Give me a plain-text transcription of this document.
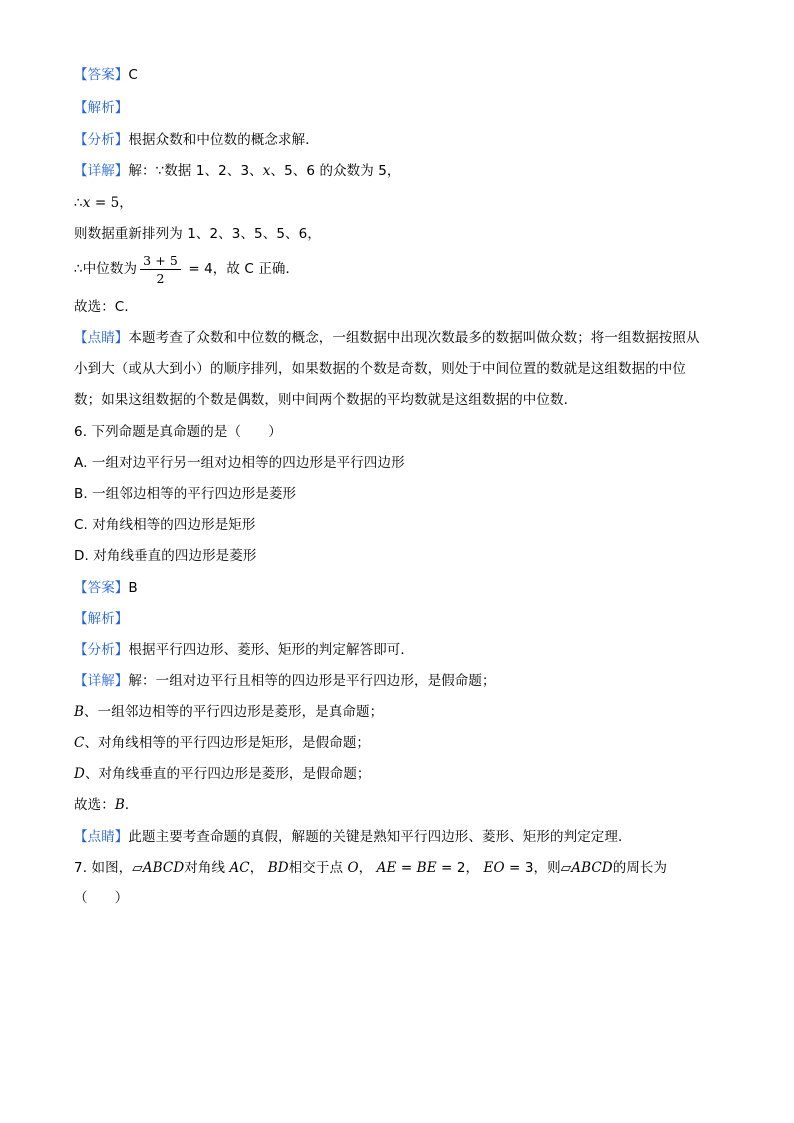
【答案】C
【解析】
【分析】根据众数和中位数的概念求解．
【详解】解：∵数据 1、2、3、x、5、6 的众数为 5，
∴x = 5，
则数据重新排列为 1、2、3、5、5、6，
∴中位数为 $\frac{3 + 5}{2} = 4$，故 C 正确．
故选：C．
【点睛】本题考查了众数和中位数的概念，一组数据中出现次数最多的数据叫做众数；将一组数据按照从
小到大（或从大到小）的顺序排列，如果数据的个数是奇数，则处于中间位置的数就是这组数据的中位
数；如果这组数据的个数是偶数，则中间两个数据的平均数就是这组数据的中位数．
6. 下列命题是真命题的是（　　）
A. 一组对边平行另一组对边相等的四边形是平行四边形
B. 一组邻边相等的平行四边形是菱形
C. 对角线相等的四边形是矩形
D. 对角线垂直的四边形是菱形
【答案】B
【解析】
【分析】根据平行四边形、菱形、矩形的判定解答即可．
【详解】解：一组对边平行且相等的四边形是平行四边形，是假命题；
B、一组邻边相等的平行四边形是菱形，是真命题；
C、对角线相等的平行四边形是矩形，是假命题；
D、对角线垂直的平行四边形是菱形，是假命题；
故选：B．
【点睛】此题主要考查命题的真假，解题的关键是熟知平行四边形、菱形、矩形的判定定理．
7. 如图，▱ABCD对角线 AC， BD相交于点 O， AE = BE = 2， EO = 3，则▱ABCD的周长为
（　　）
